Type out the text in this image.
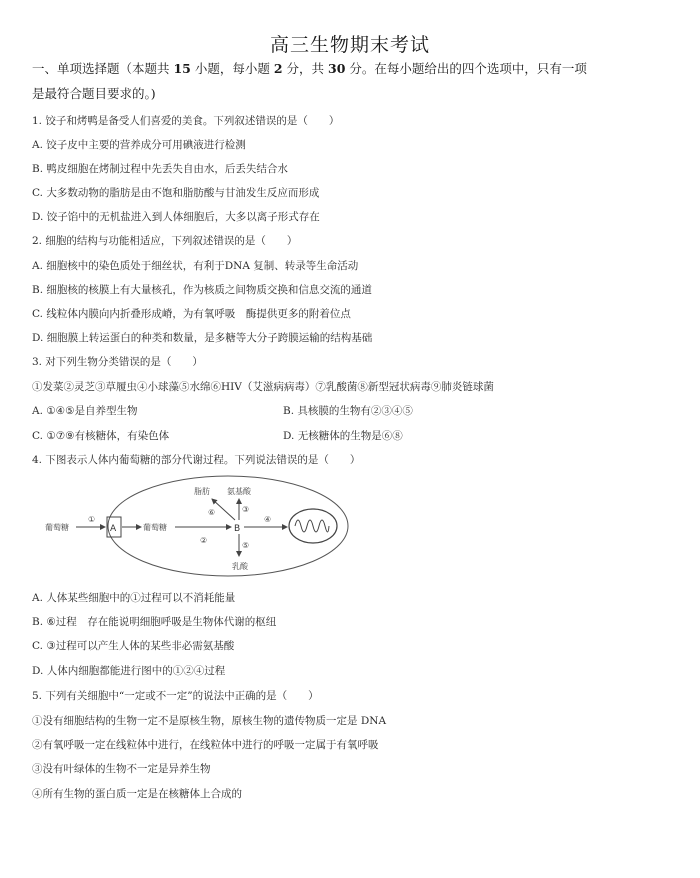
高三生物期末考试
一、单项选择题（本题共 15 小题，每小题 2 分，共 30 分。在每小题给出的四个选项中，只有一项
是最符合题目要求的。)
1. 饺子和烤鸭是备受人们喜爱的美食。下列叙述错误的是（　　）
A. 饺子皮中主要的营养成分可用碘液进行检测
B. 鸭皮细胞在烤制过程中先丢失自由水，后丢失结合水
C. 大多数动物的脂肪是由不饱和脂肪酸与甘油发生反应而形成
D. 饺子馅中的无机盐进入到人体细胞后，大多以离子形式存在
2. 细胞的结构与功能相适应，下列叙述错误的是（　　）
A. 细胞核中的染色质处于细丝状，有利于DNA 复制、转录等生命活动
B. 细胞核的核膜上有大量核孔，作为核质之间物质交换和信息交流的通道
C. 线粒体内膜向内折叠形成嵴，为有氧呼吸　酶提供更多的附着位点
D. 细胞膜上转运蛋白的种类和数量，是多糖等大分子跨膜运输的结构基础
3. 对下列生物分类错误的是（　　）
①发菜②灵芝③草履虫④小球藻⑤水绵⑥HIV（艾滋病病毒）⑦乳酸菌⑧新型冠状病毒⑨肺炎链球菌
A. ①④⑤是自养型生物	B. 具核膜的生物有②③④⑤
C. ①⑦⑨有核糖体，有染色体	D. 无核糖体的生物是⑥⑧
4. 下图表示人体内葡萄糖的部分代谢过程。下列说法错误的是（　　）
葡萄糖
①
A	葡萄糖
②
B
脂肪 氨基酸
⑥	③
④
⑤
乳酸
A. 人体某些细胞中的①过程可以不消耗能量
B. ⑥过程　存在能说明细胞呼吸是生物体代谢的枢纽
C. ③过程可以产生人体的某些非必需氨基酸
D. 人体内细胞都能进行图中的①②④过程
5. 下列有关细胞中“一定或不一定”的说法中正确的是（　　）
①没有细胞结构的生物一定不是原核生物，原核生物的遗传物质一定是 DNA
②有氧呼吸一定在线粒体中进行，在线粒体中进行的呼吸一定属于有氧呼吸
③没有叶绿体的生物不一定是异养生物
④所有生物的蛋白质一定是在核糖体上合成的
